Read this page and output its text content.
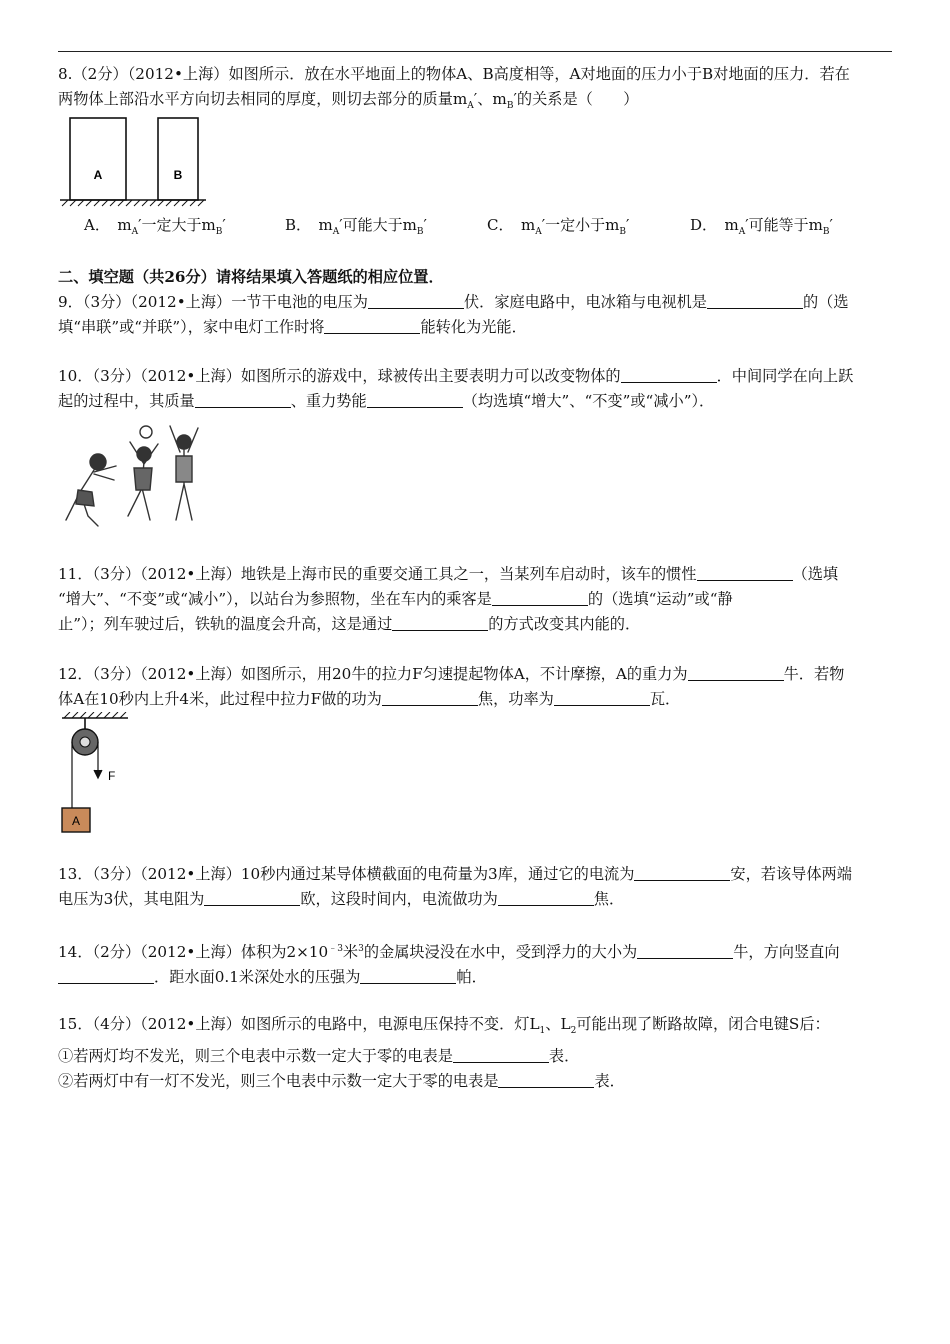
8.（2分）（2012•上海）如图所示．放在水平地面上的物体A、B高度相等，A对地面的压力小于B对地面的压力．若在

两物体上部沿水平方向切去相同的厚度，则切去部分的质量$m_A'$、$m_B'$的关系是（　　）

A	B
A．　$m_A'$一定大于$m_B'$	B．　$m_A'$可能大于$m_B'$	C．　$m_A'$一定小于$m_B'$	D．　$m_A'$可能等于$m_B'$
二、填空题（共26分）请将结果填入答题纸的相应位置．

9．（3分）（2012•上海）一节干电池的电压为	伏．家庭电路中，电冰箱与电视机是	的（选

填“串联”或“并联”），家中电灯工作时将	能转化为光能．

10．（3分）（2012•上海）如图所示的游戏中，球被传出主要表明力可以改变物体的	．中间同学在向上跃

起的过程中，其质量	、重力势能	（均选填“增大”、“不变”或“减小”）．

11．（3分）（2012•上海）地铁是上海市民的重要交通工具之一，当某列车启动时，该车的惯性	（选填

“增大”、“不变”或“减小”），以站台为参照物，坐在车内的乘客是	的（选填“运动”或“静

止”）；列车驶过后，铁轨的温度会升高，这是通过	的方式改变其内能的．

12．（3分）（2012•上海）如图所示，用20牛的拉力F匀速提起物体A，不计摩擦，A的重力为	牛．若物

体A在10秒内上升4米，此过程中拉力F做的功为	焦，功率为	瓦．

F
A

13．（3分）（2012•上海）10秒内通过某导体横截面的电荷量为3库，通过它的电流为	安，若该导体两端

电压为3伏，其电阻为	欧，这段时间内，电流做功为	焦．

14．（2分）（2012•上海）体积为$2\times 10^{﹣3}$米$^3$的金属块浸没在水中，受到浮力的大小为	牛，方向竖直向

．距水面0.1米深处水的压强为	帕．

15．（4分）（2012•上海）如图所示的电路中，电源电压保持不变．灯$L_1$、$L_2$可能出现了断路故障，闭合电键S后：

①若两灯均不发光，则三个电表中示数一定大于零的电表是	表．

②若两灯中有一灯不发光，则三个电表中示数一定大于零的电表是	表．
